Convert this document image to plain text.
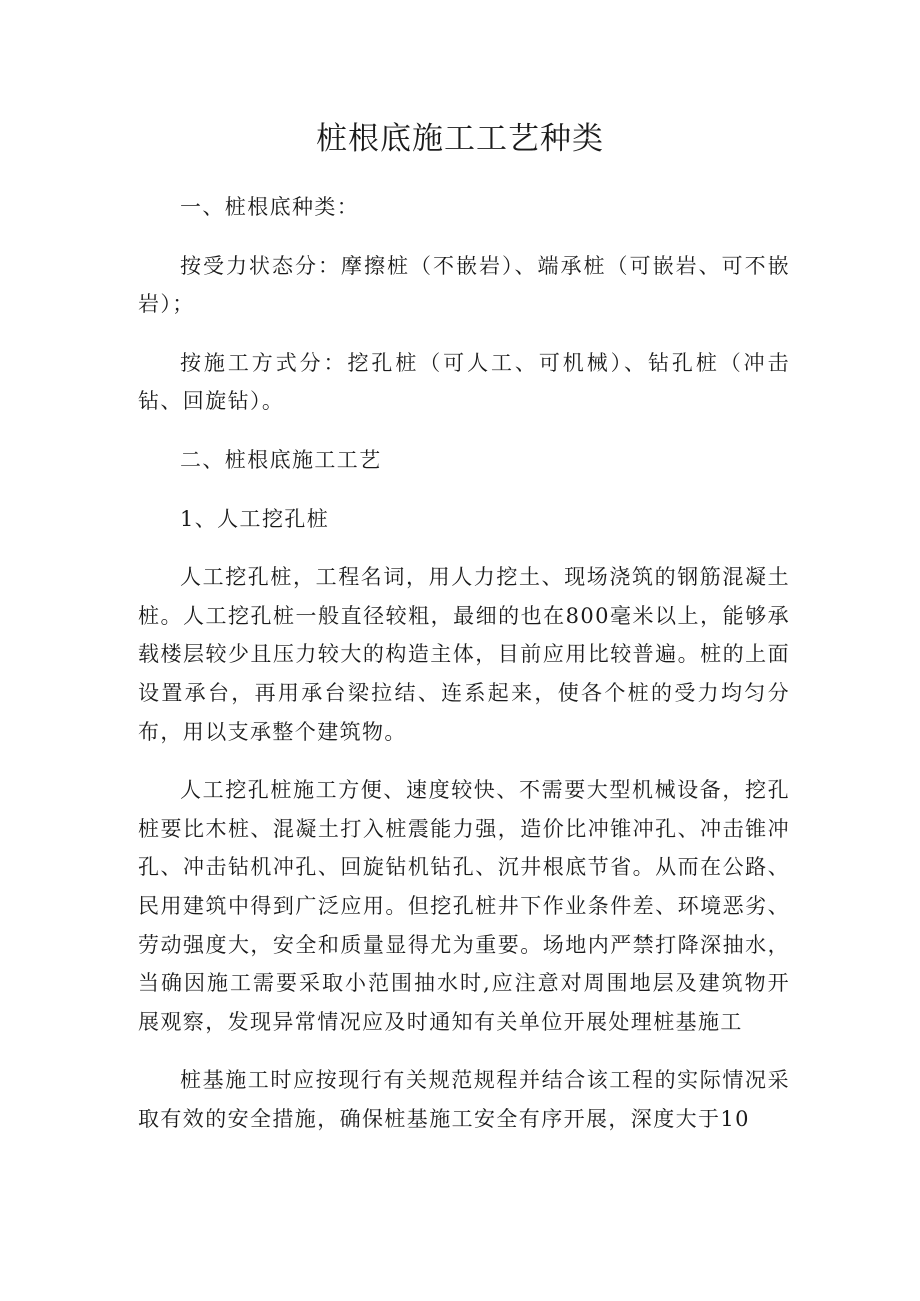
桩根底施工工艺种类

一、桩根底种类：

按受力状态分：摩擦桩（不嵌岩）、端承桩（可嵌岩、可不嵌岩）；

按施工方式分：挖孔桩（可人工、可机械）、钻孔桩（冲击钻、回旋钻）。

二、桩根底施工工艺

1、人工挖孔桩

人工挖孔桩，工程名词，用人力挖土、现场浇筑的钢筋混凝土桩。人工挖孔桩一般直径较粗，最细的也在800毫米以上，能够承载楼层较少且压力较大的构造主体，目前应用比较普遍。桩的上面设置承台，再用承台梁拉结、连系起来，使各个桩的受力均匀分布，用以支承整个建筑物。

人工挖孔桩施工方便、速度较快、不需要大型机械设备，挖孔桩要比木桩、混凝土打入桩震能力强，造价比冲锥冲孔、冲击锥冲孔、冲击钻机冲孔、回旋钻机钻孔、沉井根底节省。从而在公路、民用建筑中得到广泛应用。但挖孔桩井下作业条件差、环境恶劣、劳动强度大，安全和质量显得尤为重要。场地内严禁打降深抽水，当确因施工需要采取小范围抽水时,应注意对周围地层及建筑物开展观察，发现异常情况应及时通知有关单位开展处理桩基施工

桩基施工时应按现行有关规范规程并结合该工程的实际情况采取有效的安全措施，确保桩基施工安全有序开展，深度大于10
